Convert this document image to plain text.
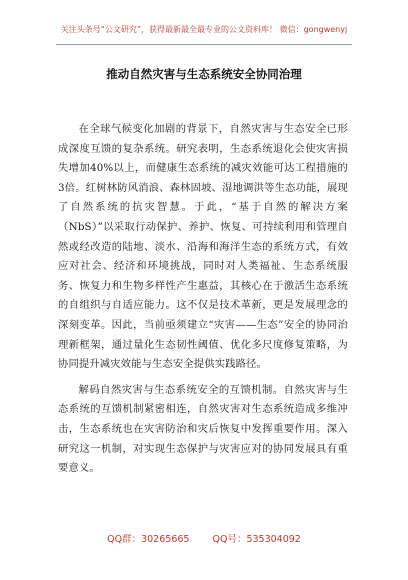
关注头条号“公文研究”，获得最新最全最专业的公文资料库！ 微信：gongwenyj
推动自然灾害与生态系统安全协同治理

在全球气候变化加剧的背景下，自然灾害与生态安全已形成深度互馈的复杂系统。研究表明，生态系统退化会使灾害损失增加40%以上，而健康生态系统的减灾效能可达工程措施的3倍。红树林防风消浪、森林固坡、湿地调洪等生态功能，展现了自然系统的抗灾智慧。于此，“基于自然的解决方案（NbS）”以采取行动保护、养护、恢复、可持续利用和管理自然或经改造的陆地、淡水、沿海和海洋生态的系统方式，有效应对社会、经济和环境挑战，同时对人类福祉、生态系统服务、恢复力和生物多样性产生惠益，其核心在于激活生态系统的自组织与自适应能力。这不仅是技术革新，更是发展理念的深刻变革。因此，当前亟须建立“灾害——生态”安全的协同治理新框架，通过量化生态韧性阈值、优化多尺度修复策略，为协同提升减灾效能与生态安全提供实践路径。

解码自然灾害与生态系统安全的互馈机制。自然灾害与生态系统的互馈机制紧密相连，自然灾害对生态系统造成多维冲击，生态系统也在灾害防治和灾后恢复中发挥重要作用。深入研究这一机制，对实现生态保护与灾害应对的协同发展具有重要意义。

QQ群：30265665 QQ号：535304092
